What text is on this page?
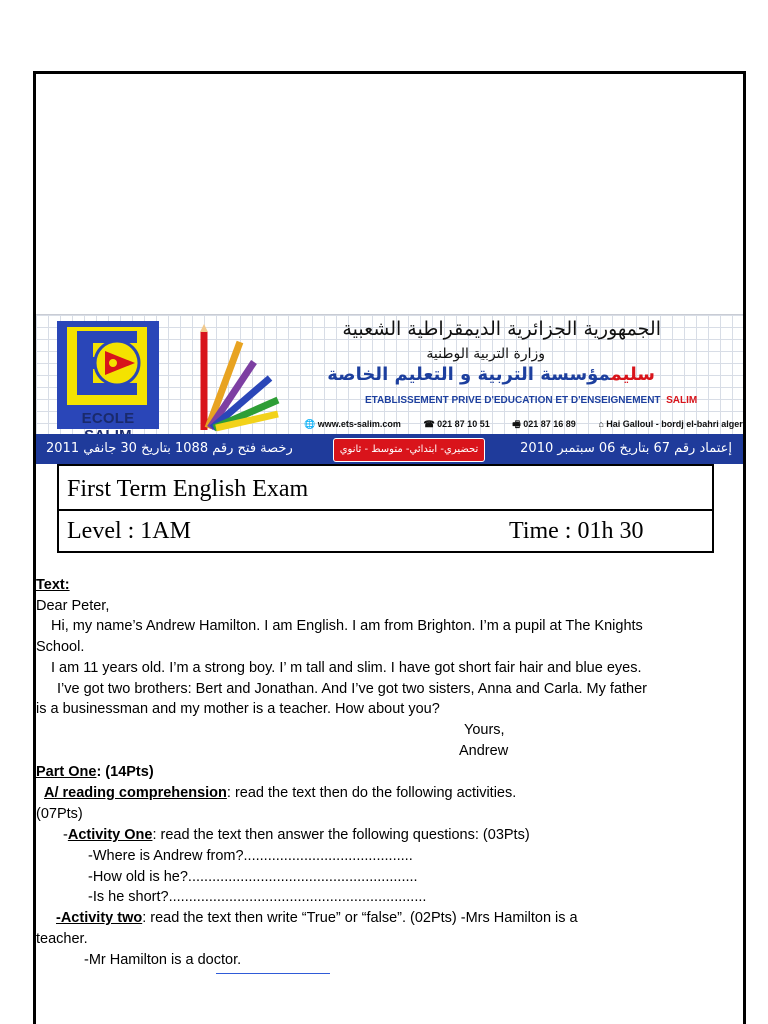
ECOLE
الجمهورية الجزائرية الديمقراطية الشعبية
وزارة التربية الوطنية
سليممؤسسة التربية و التعليم الخاصة
ETABLISSEMENT PRIVE D'EDUCATION ET D'ENSEIGNEMENT SALIM
🌐 www.ets-salim.com	☎ 021 87 10 51	🖷 021 87 16 89	⌂ Hai Galloul - bordj el-bahri alger
رخصة فتح رقم 1088 بتاريخ 30 جانفي 2011	تحضيري- ابتدائي- متوسط - ثانوي	إعتماد رقم 67 بتاريخ 06 سبتمبر 2010
First Term English Exam
Level : 1AM	Time : 01h 30
Text:
Dear Peter,
Hi, my name’s Andrew Hamilton. I am English. I am from Brighton. I’m a pupil at The Knights
School.
I am 11 years old. I’m a strong boy. I’ m tall and slim. I have got short fair hair and blue eyes.
I’ve got two brothers: Bert and Jonathan. And I’ve got two sisters, Anna and Carla. My father
is a businessman and my mother is a teacher. How about you?
Yours,
Andrew
Part One: (14Pts)
A/ reading comprehension: read the text then do the following activities.
(07Pts)
-Activity One: read the text then answer the following questions: (03Pts)
-Where is Andrew from?..........................................
-How old is he?.........................................................
-Is he short?................................................................
-Activity two: read the text then write “True” or “false”. (02Pts) -Mrs Hamilton is a
teacher.
-Mr Hamilton is a doctor.
